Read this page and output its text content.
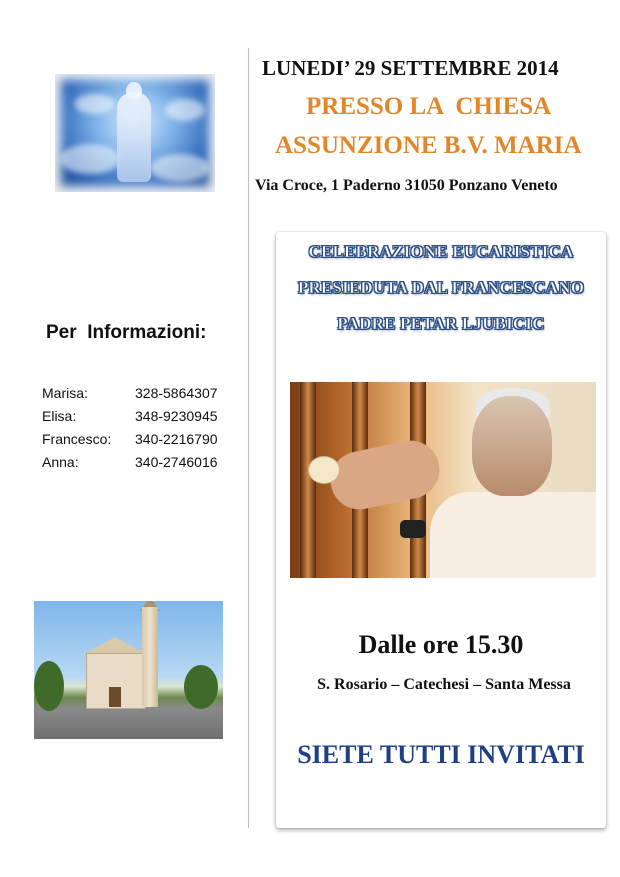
Per  Informazioni:
Marisa:	328-5864307
Elisa:	348-9230945
Francesco: 340-2216790
Anna:	340-2746016
LUNEDI’ 29 SETTEMBRE 2014
PRESSO LA  CHIESA
ASSUNZIONE B.V. MARIA
Via Croce, 1 Paderno 31050 Ponzano Veneto
CELEBRAZIONE EUCARISTICA
PRESIEDUTA DAL FRANCESCANO
PADRE PETAR LJUBICIC
Dalle ore 15.30
S. Rosario – Catechesi – Santa Messa
SIETE TUTTI INVITATI
